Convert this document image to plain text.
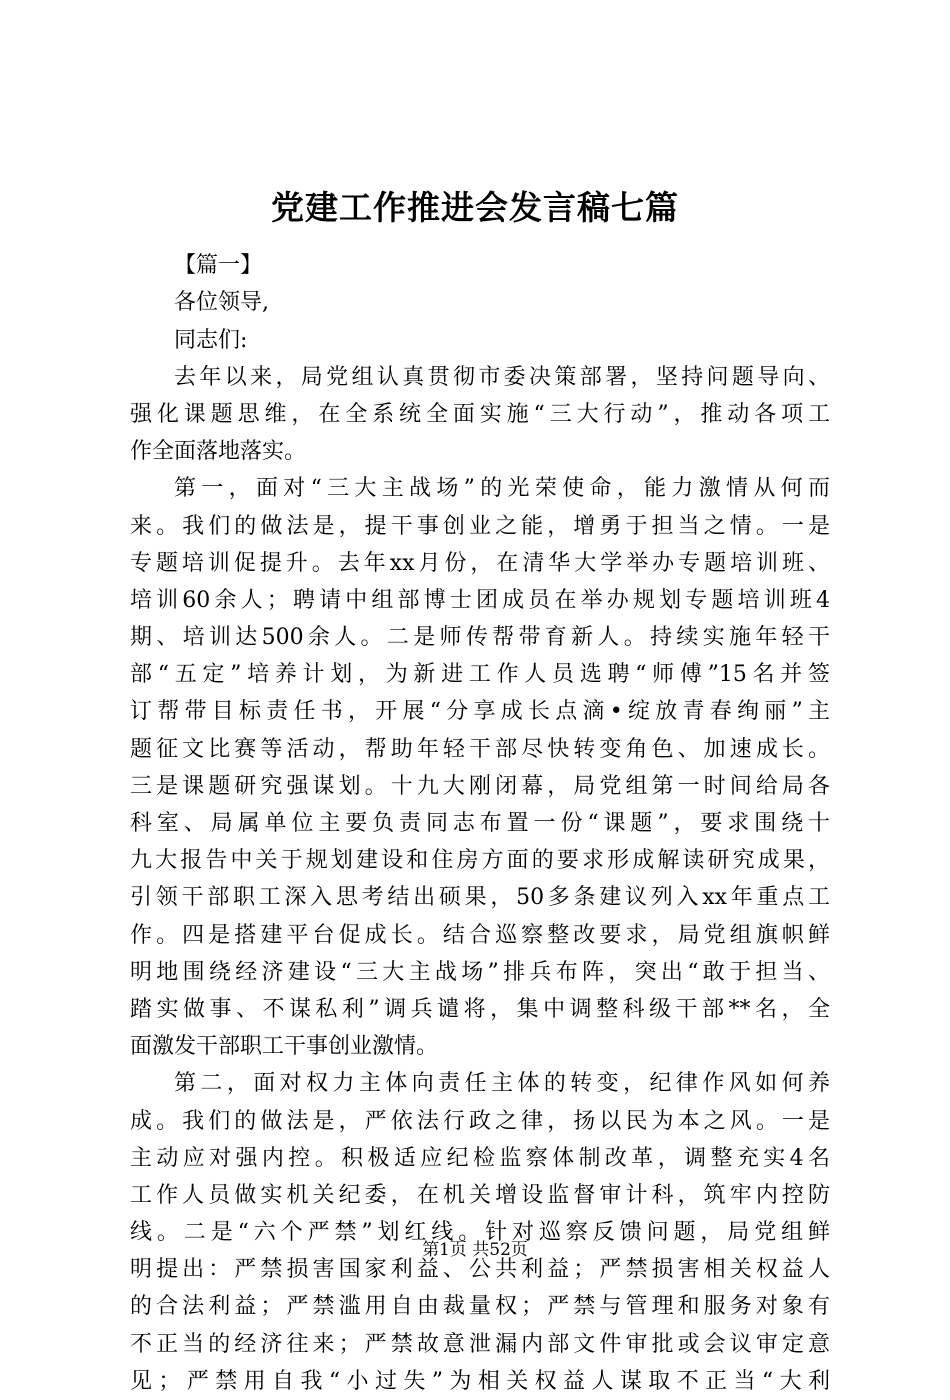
党建工作推进会发言稿七篇
【篇一】
各位领导,
同志们:
去年以来，局党组认真贯彻市委决策部署，坚持问题导向、
强化课题思维，在全系统全面实施“三大行动”，推动各项工
作全面落地落实。
第一，面对“三大主战场”的光荣使命，能力激情从何而
来。我们的做法是，提干事创业之能，增勇于担当之情。一是
专题培训促提升。去年xx月份，在清华大学举办专题培训班、
培训60余人；聘请中组部博士团成员在举办规划专题培训班4
期、培训达500余人。二是师传帮带育新人。持续实施年轻干
部“五定”培养计划，为新进工作人员选聘“师傅”15名并签
订帮带目标责任书，开展“分享成长点滴•绽放青春绚丽”主
题征文比赛等活动，帮助年轻干部尽快转变角色、加速成长。
三是课题研究强谋划。十九大刚闭幕，局党组第一时间给局各
科室、局属单位主要负责同志布置一份“课题”，要求围绕十
九大报告中关于规划建设和住房方面的要求形成解读研究成果，
引领干部职工深入思考结出硕果，50多条建议列入xx年重点工
作。四是搭建平台促成长。结合巡察整改要求，局党组旗帜鲜
明地围绕经济建设“三大主战场”排兵布阵，突出“敢于担当、
踏实做事、不谋私利”调兵谴将，集中调整科级干部**名，全
面激发干部职工干事创业激情。
第二，面对权力主体向责任主体的转变，纪律作风如何养
成。我们的做法是，严依法行政之律，扬以民为本之风。一是
主动应对强内控。积极适应纪检监察体制改革，调整充实4名
工作人员做实机关纪委，在机关增设监督审计科，筑牢内控防
线。二是“六个严禁”划红线。针对巡察反馈问题，局党组鲜
明提出：严禁损害国家利益、公共利益；严禁损害相关权益人
的合法利益；严禁滥用自由裁量权；严禁与管理和服务对象有
不正当的经济往来；严禁故意泄漏内部文件审批或会议审定意
见；严禁用自我“小过失”为相关权益人谋取不正当“大利
第1页 共52页
